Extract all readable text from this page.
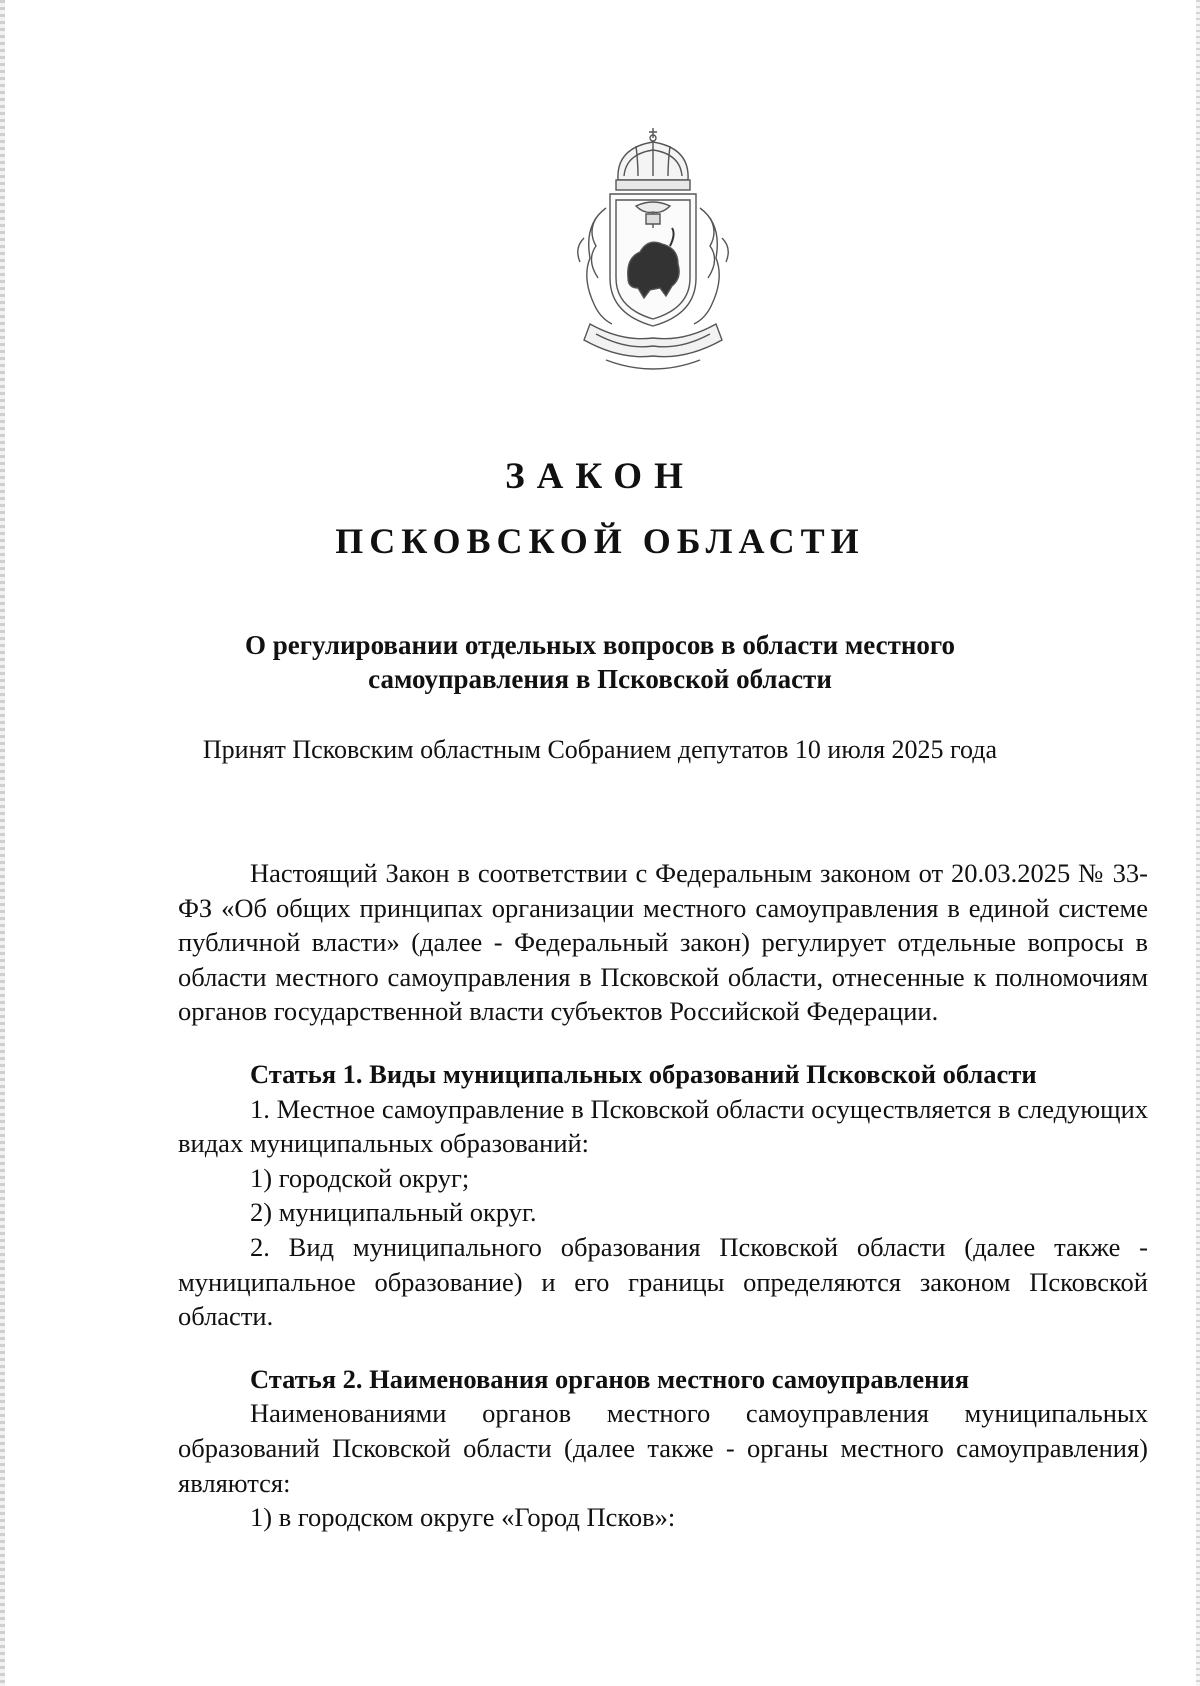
ЗАКОН
ПСКОВСКОЙ ОБЛАСТИ
О регулировании отдельных вопросов в области местного
самоуправления в Псковской области
Принят Псковским областным Собранием депутатов 10 июля 2025 года

Настоящий Закон в соответствии с Федеральным законом от 20.03.2025 № 33-ФЗ «Об общих принципах организации местного самоуправления в единой системе публичной власти» (далее - Федеральный закон) регулирует отдельные вопросы в области местного самоуправления в Псковской области, отнесенные к полномочиям органов государственной власти субъектов Российской Федерации.

Статья 1. Виды муниципальных образований Псковской области

1. Местное самоуправление в Псковской области осуществляется в следующих видах муниципальных образований:

1) городской округ;

2) муниципальный округ.

2. Вид муниципального образования Псковской области (далее также - муниципальное образование) и его границы определяются законом Псковской области.

Статья 2. Наименования органов местного самоуправления

Наименованиями органов местного самоуправления муниципальных образований Псковской области (далее также - органы местного самоуправления) являются:

1) в городском округе «Город Псков»:
